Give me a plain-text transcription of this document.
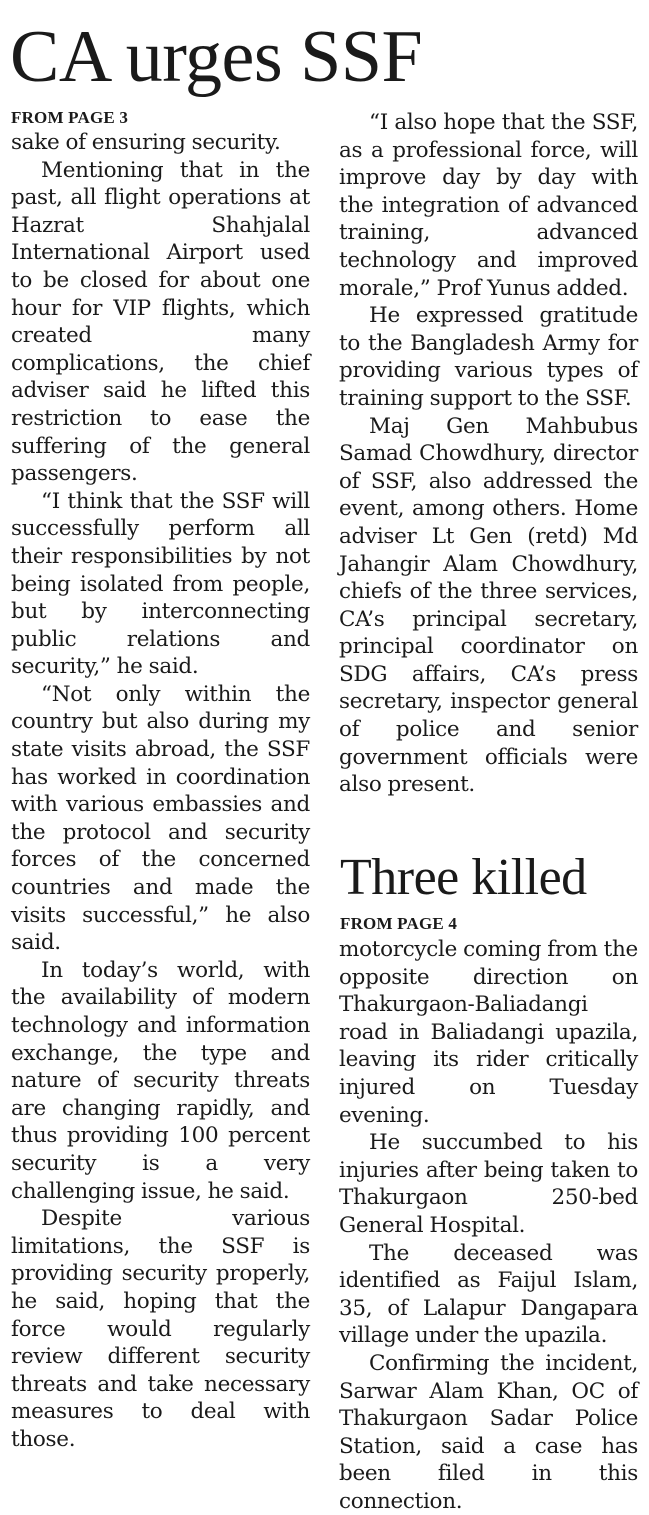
CA urges SSF
FROM PAGE 3

sake of ensuring security.

Mentioning that in the past, all flight operations at Hazrat Shahjalal International Airport used to be closed for about one hour for VIP flights, which created many complications, the chief adviser said he lifted this restriction to ease the suffering of the general passengers.

“I think that the SSF will successfully perform all their responsibilities by not being isolated from people, but by interconnecting public relations and security,” he said.

“Not only within the country but also during my state visits abroad, the SSF has worked in coordination with various embassies and the protocol and security forces of the concerned countries and made the visits successful,” he also said.

In today’s world, with the availability of modern technology and information exchange, the type and nature of security threats are changing rapidly, and thus providing 100 percent security is a very challenging issue, he said.

Despite various limitations, the SSF is providing security properly, he said, hoping that the force would regularly review different security threats and take necessary measures to deal with those.

“I also hope that the SSF, as a professional force, will improve day by day with the integration of advanced training, advanced technology and improved morale,” Prof Yunus added.

He expressed gratitude to the Bangladesh Army for providing various types of training support to the SSF.

Maj Gen Mahbubus Samad Chowdhury, director of SSF, also addressed the event, among others. Home adviser Lt Gen (retd) Md Jahangir Alam Chowdhury, chiefs of the three services, CA’s principal secretary, principal coordinator on SDG affairs, CA’s press secretary, inspector general of police and senior government officials were also present.

Three killed
FROM PAGE 4

motorcycle coming from the opposite direction on Thakurgaon-Baliadangi road in Baliadangi upazila, leaving its rider critically injured on Tuesday evening.

He succumbed to his injuries after being taken to Thakurgaon 250-bed General Hospital.

The deceased was identified as Faijul Islam, 35, of Lalapur Dangapara village under the upazila.

Confirming the incident, Sarwar Alam Khan, OC of Thakurgaon Sadar Police Station, said a case has been filed in this connection.
